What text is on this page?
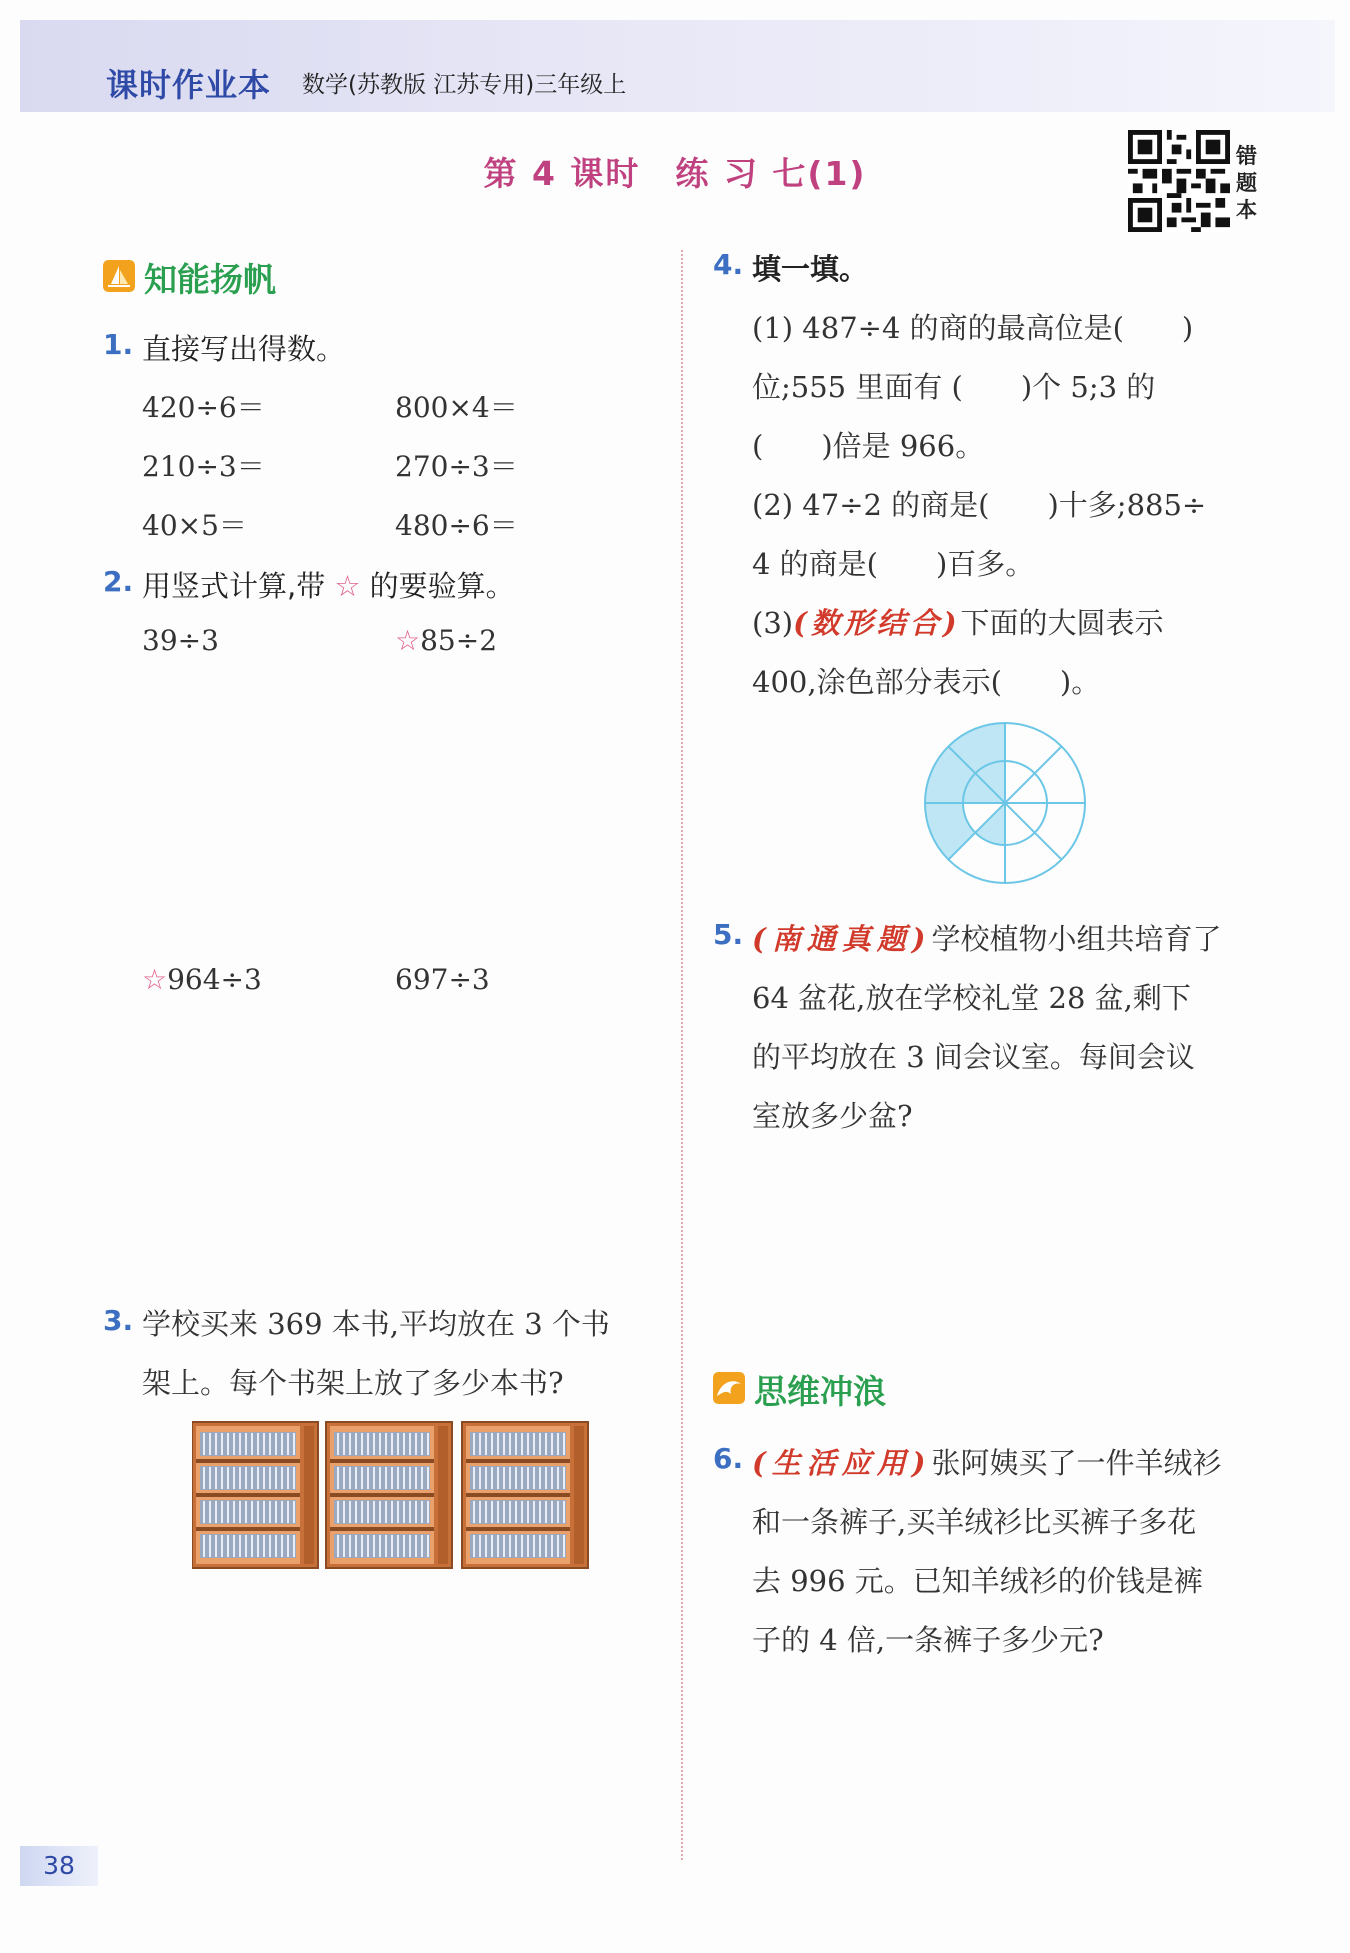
课时作业本 数学(苏教版 江苏专用)三年级上
第 4 课时　练 习 七(1)	错
题
本
知能扬帆
1. 直接写出得数。
420÷6＝	800×4＝
210÷3＝	270÷3＝
40×5＝	480÷6＝
2. 用竖式计算,带 ☆ 的要验算。
39÷3	☆85÷2
☆964÷3	697÷3
3. 学校买来 369 本书,平均放在 3 个书
架上。每个书架上放了多少本书?
4. 填一填。
(1) 487÷4 的商的最高位是(　　)
位;555 里面有 (　　)个 5;3 的
(　　)倍是 966。
(2) 47÷2 的商是(　　)十多;885÷
4 的商是(　　)百多。
(3)(数形结合)下面的大圆表示
400,涂色部分表示(　　)。
5. (南通真题)学校植物小组共培育了
64 盆花,放在学校礼堂 28 盆,剩下
的平均放在 3 间会议室。每间会议
室放多少盆?
思维冲浪
6. (生活应用)张阿姨买了一件羊绒衫
和一条裤子,买羊绒衫比买裤子多花
去 996 元。已知羊绒衫的价钱是裤
子的 4 倍,一条裤子多少元?
38
